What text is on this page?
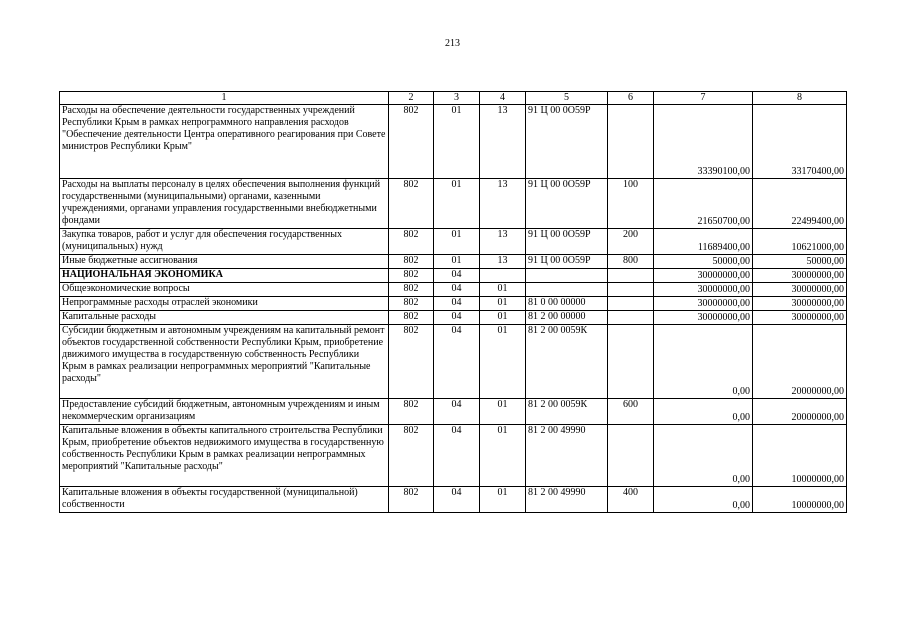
213
1	2	3	4	5	6	7	8
Расходы на обеспечение деятельности государственных учреждений Республики Крым в рамках непрограммного направления расходов "Обеспечение деятельности Центра оперативного реагирования при Совете министров Республики Крым"	802	01	13	91 Ц 00 0О59Р		33390100,00	33170400,00
Расходы на выплаты персоналу в целях обеспечения выполнения функций государственными (муниципальными) органами, казенными учреждениями, органами управления государственными внебюджетными фондами	802	01	13	91 Ц 00 0О59Р	100	21650700,00	22499400,00
Закупка товаров, работ и услуг для обеспечения государственных (муниципальных) нужд	802	01	13	91 Ц 00 0О59Р	200	11689400,00	10621000,00
Иные бюджетные ассигнования	802	01	13	91 Ц 00 0О59Р	800	50000,00	50000,00
НАЦИОНАЛЬНАЯ ЭКОНОМИКА	802	04				30000000,00	30000000,00
Общеэкономические вопросы	802	04	01			30000000,00	30000000,00
Непрограммные расходы отраслей экономики	802	04	01	81 0 00 00000		30000000,00	30000000,00
Капитальные расходы	802	04	01	81 2 00 00000		30000000,00	30000000,00
Субсидии бюджетным и автономным учреждениям на капитальный ремонт объектов государственной собственности Республики Крым, приобретение движимого имущества в государственную собственность Республики Крым в рамках реализации непрограммных мероприятий "Капитальные расходы"	802	04	01	81 2 00 0059К		0,00	20000000,00
Предоставление субсидий бюджетным, автономным учреждениям и иным некоммерческим организациям	802	04	01	81 2 00 0059К	600	0,00	20000000,00
Капитальные вложения в объекты капитального строительства Республики Крым, приобретение объектов недвижимого имущества в государственную собственность Республики Крым в рамках реализации непрограммных мероприятий "Капитальные расходы"	802	04	01	81 2 00 49990		0,00	10000000,00
Капитальные вложения в объекты государственной (муниципальной) собственности	802	04	01	81 2 00 49990	400	0,00	10000000,00
